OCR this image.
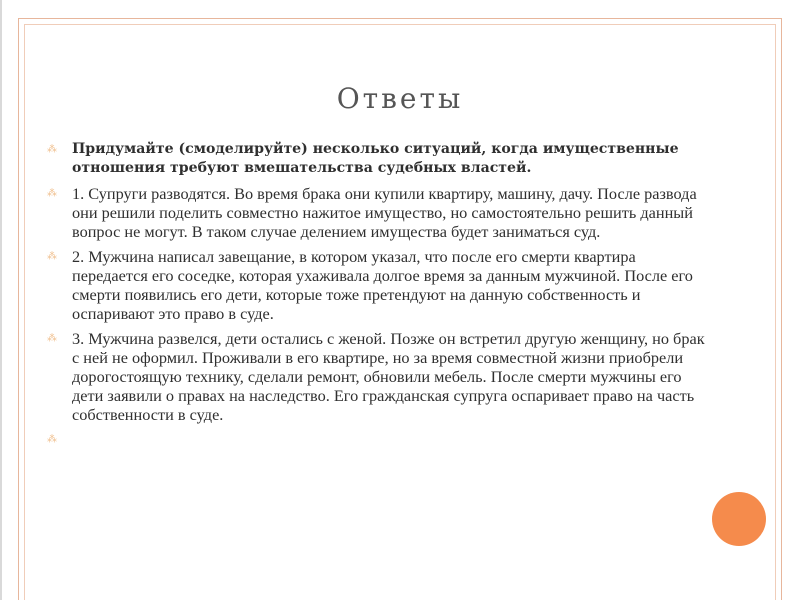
Ответы
⁂ Придумайте (смоделируйте) несколько ситуаций, когда имущественные отношения требуют вмешательства судебных властей.
⁂ 1. Супруги разводятся. Во время брака они купили квартиру, машину, дачу. После развода они решили поделить совместно нажитое имущество, но самостоятельно решить данный вопрос не могут. В таком случае делением имущества будет заниматься суд.
⁂ 2. Мужчина написал завещание, в котором указал, что после его смерти квартира передается его соседке, которая ухаживала долгое время за данным мужчиной. После его смерти появились его дети, которые тоже претендуют на данную собственность и оспаривают это право в суде.
⁂ 3. Мужчина развелся, дети остались с женой. Позже он встретил другую женщину, но брак с ней не оформил. Проживали в его квартире, но за время совместной жизни приобрели дорогостоящую технику, сделали ремонт, обновили мебель. После смерти мужчины его дети заявили о правах на наследство. Его гражданская супруга оспаривает право на часть собственности в суде.
⁂
